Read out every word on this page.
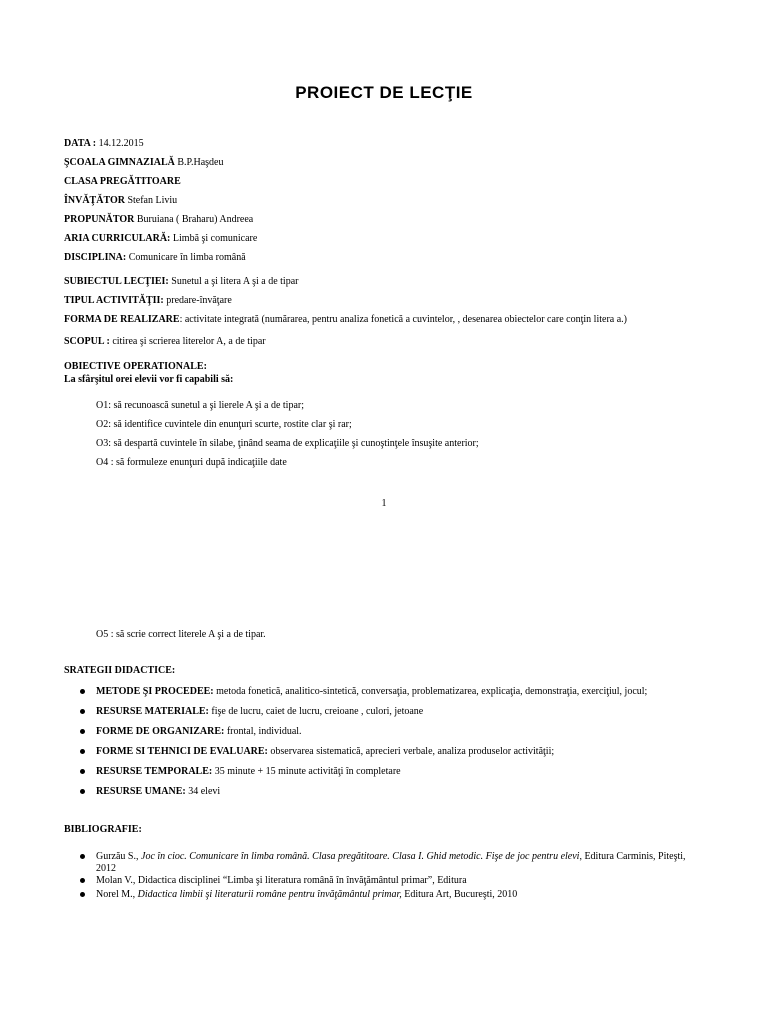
PROIECT DE LECŢIE
DATA : 14.12.2015
ŞCOALA GIMNAZIALĂ B.P.Haşdeu
CLASA PREGĂTITOARE
ÎNVĂŢĂTOR Stefan Liviu
PROPUNĂTOR Buruiana ( Braharu) Andreea
ARIA CURRICULARĂ: Limbă şi comunicare
DISCIPLINA: Comunicare în limba română
SUBIECTUL LECŢIEI: Sunetul a şi litera A şi a de tipar
TIPUL ACTIVITĂŢII: predare-învăţare
FORMA DE REALIZARE: activitate integrată (numărarea, pentru analiza fonetică a cuvintelor, , desenarea obiectelor care conţin litera a.)
SCOPUL : citirea şi scrierea literelor A, a de tipar
OBIECTIVE OPERATIONALE:
La sfârşitul orei elevii vor fi capabili să:
O1: să recunoască sunetul a şi lierele A şi a de tipar;
O2: să identifice cuvintele din enunţuri scurte, rostite clar şi rar;
O3: să despartă cuvintele în silabe, ţinând seama de explicaţiile şi cunoştinţele însuşite anterior;
O4 : să formuleze enunţuri după indicaţiile date
1
O5 : să scrie correct literele A şi a de tipar.
SRATEGII DIDACTICE:
METODE ŞI PROCEDEE: metoda fonetică, analitico-sintetică, conversaţia, problematizarea, explicaţia, demonstraţia, exerciţiul, jocul;
RESURSE MATERIALE: fişe de lucru, caiet de lucru, creioane , culori, jetoane
FORME DE ORGANIZARE: frontal, individual.
FORME SI TEHNICI DE EVALUARE: observarea sistematică, aprecieri verbale, analiza produselor activităţii;
RESURSE TEMPORALE: 35 minute + 15 minute activităţi în completare
RESURSE UMANE: 34 elevi
BIBLIOGRAFIE:
Gurzău S., Joc în cioc. Comunicare în limba română. Clasa pregătitoare. Clasa I. Ghid metodic. Fişe de joc pentru elevi, Editura Carminis, Piteşti, 2012
Molan V., Didactica disciplinei “Limba şi literatura română în învăţământul primar”, Editura
Norel M., Didactica limbii şi literaturii române pentru învăţământul primar, Editura Art, Bucureşti, 2010
